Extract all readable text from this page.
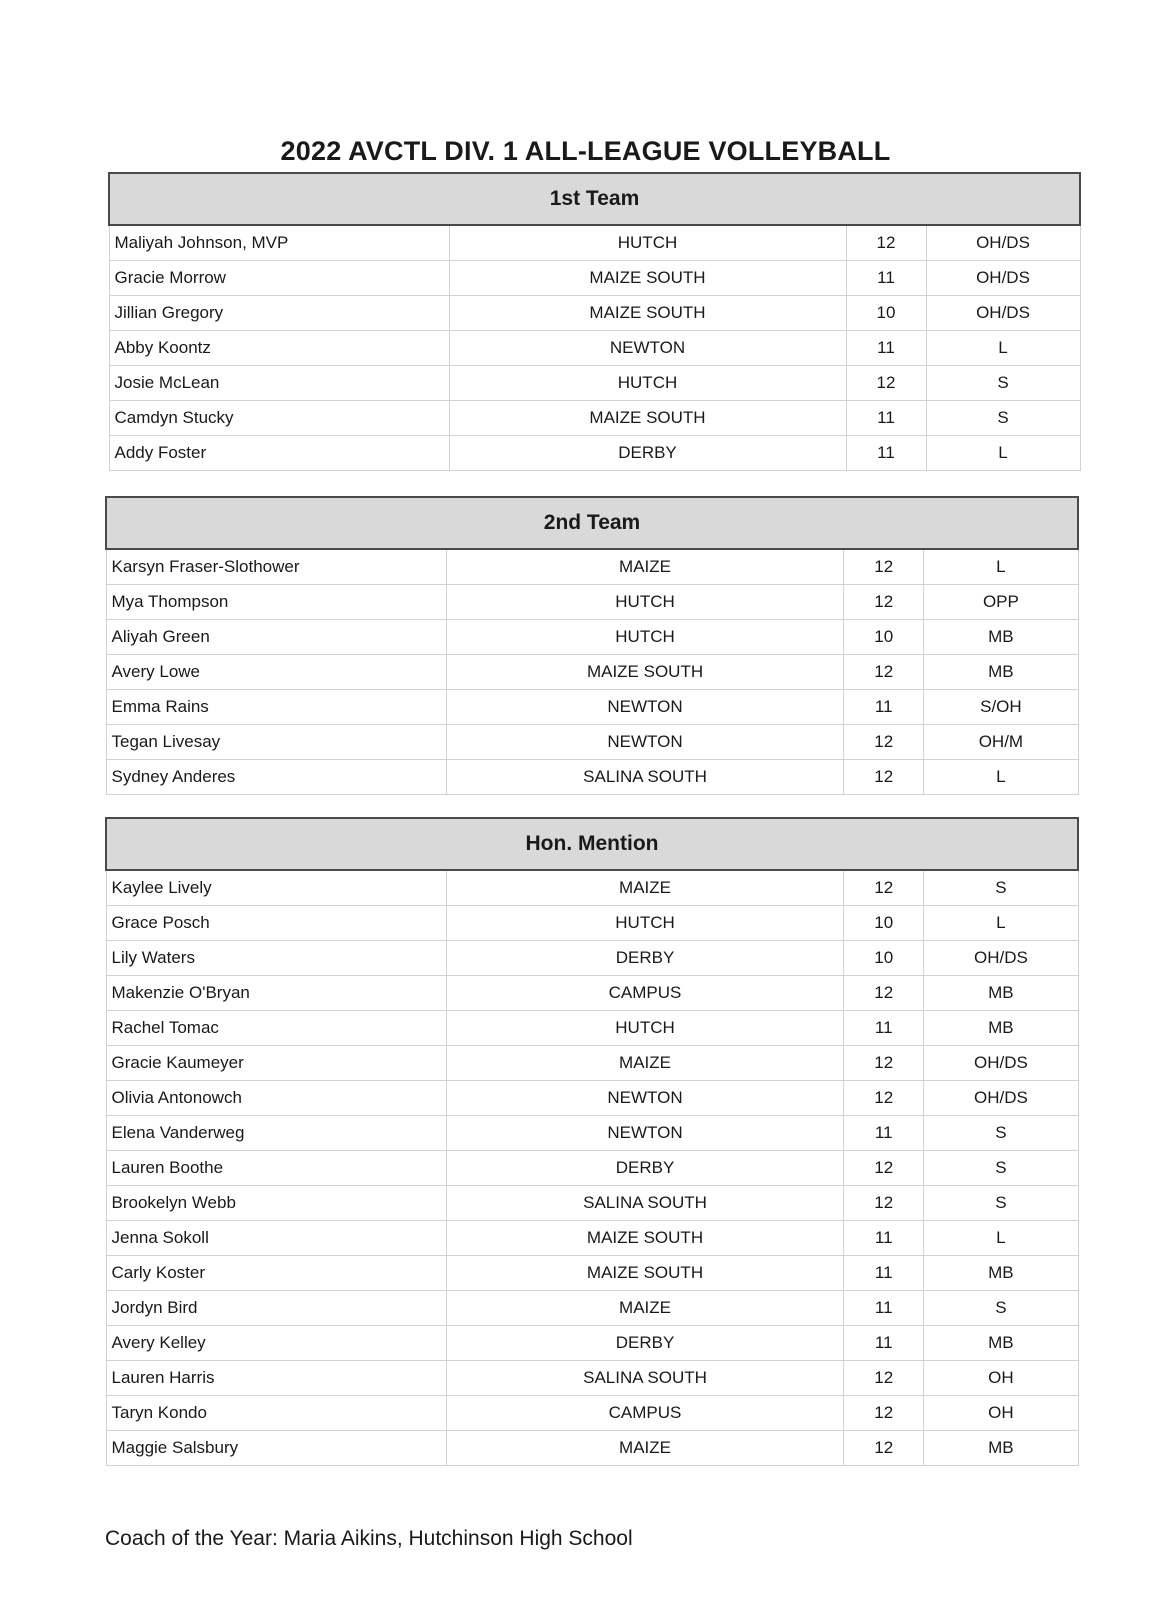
2022 AVCTL DIV. 1 ALL-LEAGUE VOLLEYBALL
1st Team			
Maliyah Johnson, MVP	HUTCH	12	OH/DS
Gracie Morrow	MAIZE SOUTH	11	OH/DS
Jillian Gregory	MAIZE SOUTH	10	OH/DS
Abby Koontz	NEWTON	11	L
Josie McLean	HUTCH	12	S
Camdyn Stucky	MAIZE SOUTH	11	S
Addy Foster	DERBY	11	L
2nd Team			
Karsyn Fraser-Slothower	MAIZE	12	L
Mya Thompson	HUTCH	12	OPP
Aliyah Green	HUTCH	10	MB
Avery Lowe	MAIZE SOUTH	12	MB
Emma Rains	NEWTON	11	S/OH
Tegan Livesay	NEWTON	12	OH/M
Sydney Anderes	SALINA SOUTH	12	L
Hon. Mention			
Kaylee Lively	MAIZE	12	S
Grace Posch	HUTCH	10	L
Lily Waters	DERBY	10	OH/DS
Makenzie O'Bryan	CAMPUS	12	MB
Rachel Tomac	HUTCH	11	MB
Gracie Kaumeyer	MAIZE	12	OH/DS
Olivia Antonowch	NEWTON	12	OH/DS
Elena Vanderweg	NEWTON	11	S
Lauren Boothe	DERBY	12	S
Brookelyn Webb	SALINA SOUTH	12	S
Jenna Sokoll	MAIZE SOUTH	11	L
Carly Koster	MAIZE SOUTH	11	MB
Jordyn Bird	MAIZE	11	S
Avery Kelley	DERBY	11	MB
Lauren Harris	SALINA SOUTH	12	OH
Taryn Kondo	CAMPUS	12	OH
Maggie Salsbury	MAIZE	12	MB
Coach of the Year: Maria Aikins, Hutchinson High School
